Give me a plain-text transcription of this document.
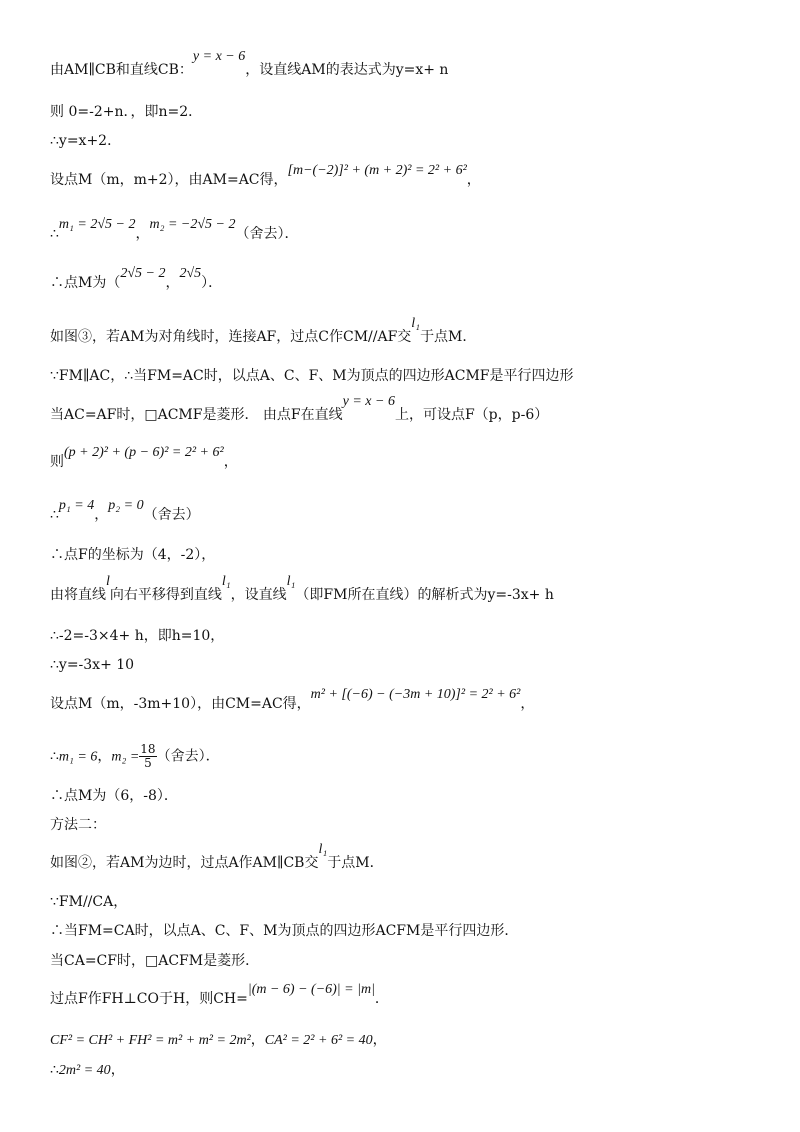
由AM∥CB和直线CB：y = x − 6，设直线AM的表达式为y=x+ n
则 0=-2+n．，即n=2．
∴y=x+2．
设点M（m，m+2），由AM=AC得，[m−(−2)]² + (m + 2)² = 2² + 6²，
∴m₁ = 2√5 − 2，m₂ = −2√5 − 2（舍去）．
∴点M为（2√5 − 2，2√5）．
如图③，若AM为对角线时，连接AF，过点C作CM//AF交l₁于点M．
∵FM∥AC，∴当FM=AC时，以点A、C、F、M为顶点的四边形ACMF是平行四边形
当AC=AF时，□ACMF是菱形． 由点F在直线y = x − 6上，可设点F（p，p-6）
则(p + 2)² + (p − 6)² = 2² + 6²，
∴p₁ = 4，p₂ = 0（舍去）
∴点F的坐标为（4，-2），
由将直线l向右平移得到直线l₁，设直线l₁（即FM所在直线）的解析式为y=-3x+ h
∴-2=-3×4+ h，即h=10，
∴y=-3x+ 10
设点M（m，-3m+10），由CM=AC得，m² + [(−6) − (−3m + 10)]² = 2² + 6²，
∴m₁ = 6，$m_2 = \frac{18}{5}$ （舍去）．
∴点M为（6，-8）．
方法二：
如图②，若AM为边时，过点A作AM∥CB交l₁于点M．
∵FM//CA，
∴当FM=CA时，以点A、C、F、M为顶点的四边形ACFM是平行四边形．
当CA=CF时，□ACFM是菱形．
过点F作FH⊥CO于H，则CH=|(m − 6) − (−6)| = |m|．
CF² = CH² + FH² = m² + m² = 2m²，CA² = 2² + 6² = 40，
∴2m² = 40，
